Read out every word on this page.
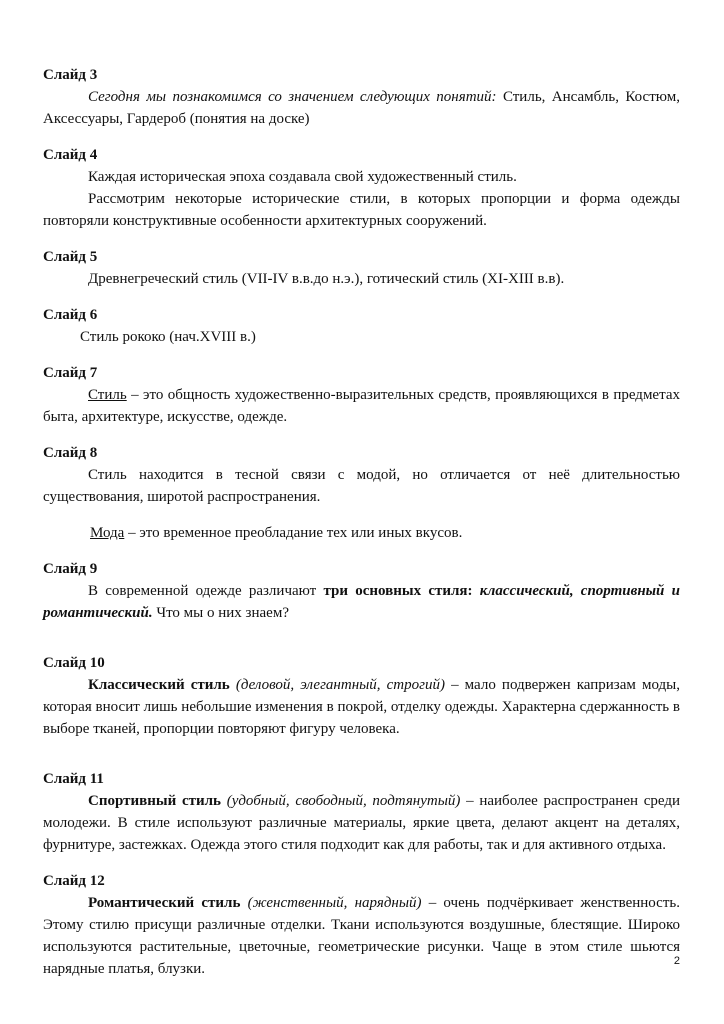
Слайд 3

Сегодня мы познакомимся со значением следующих понятий: Стиль, Ансамбль, Костюм, Аксессуары, Гардероб (понятия на доске)

Слайд 4

Каждая историческая эпоха создавала свой художественный стиль.

Рассмотрим некоторые исторические стили, в которых пропорции и форма одежды повторяли конструктивные особенности архитектурных сооружений.

Слайд 5

Древнегреческий стиль (VII-IV в.в.до н.э.), готический стиль (XI-XIII в.в).

Слайд 6

Стиль рококо (нач.XVIII в.)

Слайд 7

Стиль – это общность художественно-выразительных средств, проявляющихся в предметах быта, архитектуре, искусстве, одежде.

Слайд 8

Стиль находится в тесной связи с модой, но отличается от неё длительностью существования, широтой распространения.

Мода – это временное преобладание тех или иных вкусов.

Слайд 9

В современной одежде различают три основных стиля: классический, спортивный и романтический. Что мы о них знаем?

Слайд 10

Классический стиль (деловой, элегантный, строгий) – мало подвержен капризам моды, которая вносит лишь небольшие изменения в покрой, отделку одежды. Характерна сдержанность в выборе тканей, пропорции повторяют фигуру человека.

Слайд 11

Спортивный стиль (удобный, свободный, подтянутый) – наиболее распространен среди молодежи. В стиле используют различные материалы, яркие цвета, делают акцент на деталях, фурнитуре, застежках. Одежда этого стиля подходит как для работы, так и для активного отдыха.

Слайд 12

Романтический стиль (женственный, нарядный) – очень подчёркивает женственность. Этому стилю присущи различные отделки. Ткани используются воздушные, блестящие. Широко используются растительные, цветочные, геометрические рисунки. Чаще в этом стиле шьются нарядные платья, блузки.	2
